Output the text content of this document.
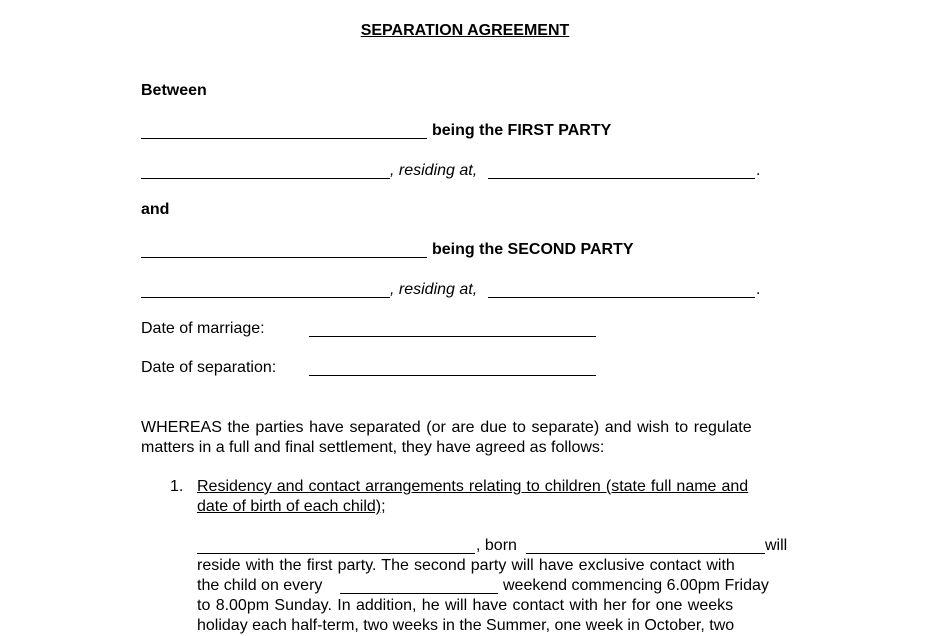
SEPARATION AGREEMENT
Between
being the FIRST PARTY
, residing at,	.
and
being the SECOND PARTY
, residing at,	.
Date of marriage:
Date of separation:
WHEREAS the parties have separated (or are due to separate) and wish to regulate
matters in a full and final settlement, they have agreed as follows:
1. Residency and contact arrangements relating to children (state full name and
date of birth of each child);
, born	will
reside with the first party. The second party will have exclusive contact with
the child on every	weekend commencing 6.00pm Friday
to 8.00pm Sunday. In addition, he will have contact with her for one weeks
holiday each half-term, two weeks in the Summer, one week in October, two
